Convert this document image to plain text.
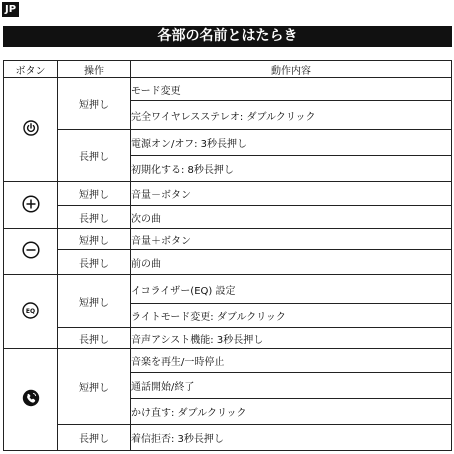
JP
各部の名前とはたらき
ボタン	操作	動作内容
	短押し	モード変更
		完全ワイヤレスステレオ: ダブルクリック
	長押し	電源オン/オフ: 3秒長押し
		初期化する: 8秒長押し
	短押し	音量－ボタン
	長押し	次の曲
	短押し	音量＋ボタン
	長押し	前の曲

EQ	短押し	イコライザー(EQ) 設定
		ライトモード変更: ダブルクリック
	長押し	音声アシスト機能: 3秒長押し
	短押し	音楽を再生/一時停止
		通話開始/終了
		かけ直す: ダブルクリック
	長押し	着信拒否: 3秒長押し
